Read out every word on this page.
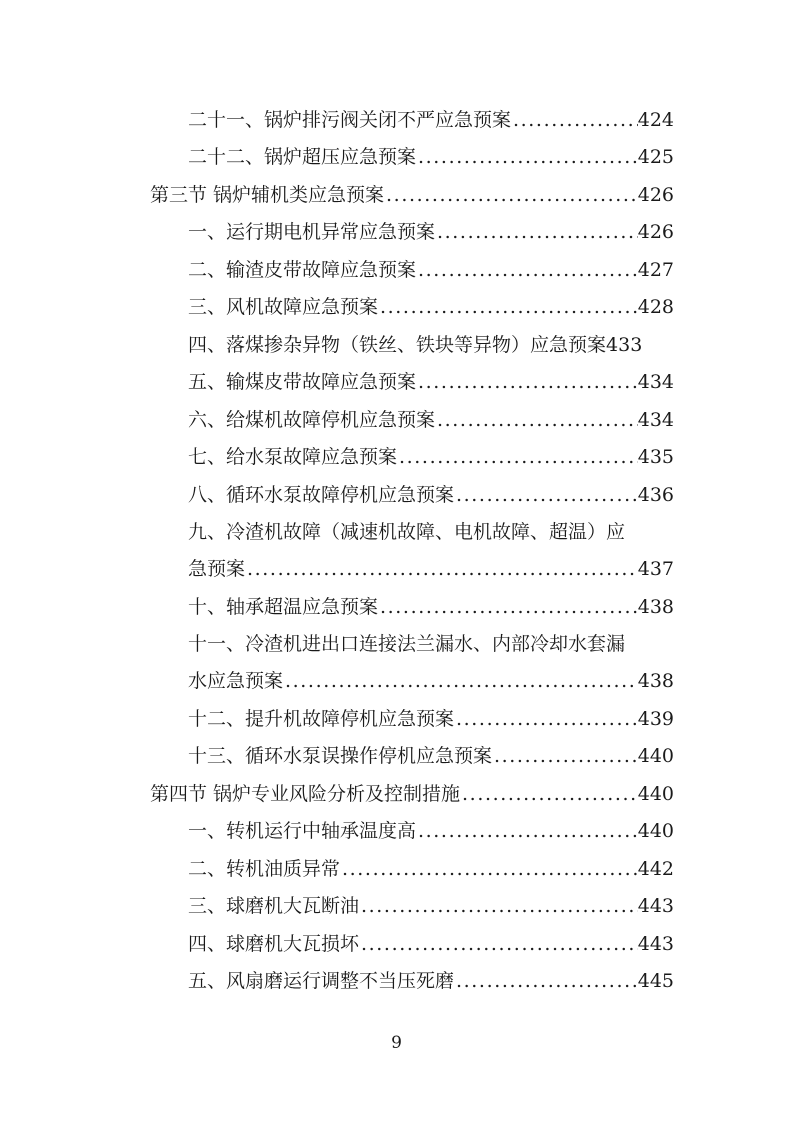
二十一、锅炉排污阀关闭不严应急预案 .....	424
二十二、锅炉超压应急预案 .....	425
第三节 锅炉辅机类应急预案 .....	426
一、运行期电机异常应急预案 .....	426
二、输渣皮带故障应急预案 .....	427
三、风机故障应急预案 .....	428
四、落煤掺杂异物（铁丝、铁块等异物）应急预案 433
五、输煤皮带故障应急预案 .....	434
六、给煤机故障停机应急预案 .....	434
七、给水泵故障应急预案 .....	435
八、循环水泵故障停机应急预案 .....	436
九、冷渣机故障（减速机故障、电机故障、超温）应
急预案 .....	437
十、轴承超温应急预案 .....	438
十一、冷渣机进出口连接法兰漏水、内部冷却水套漏
水应急预案 .....	438
十二、提升机故障停机应急预案 .....	439
十三、循环水泵误操作停机应急预案 .....	440
第四节 锅炉专业风险分析及控制措施 .....	440
一、转机运行中轴承温度高 .....	440
二、转机油质异常 .....	442
三、球磨机大瓦断油 .....	443
四、球磨机大瓦损坏 .....	443
五、风扇磨运行调整不当压死磨 .....	445
9
